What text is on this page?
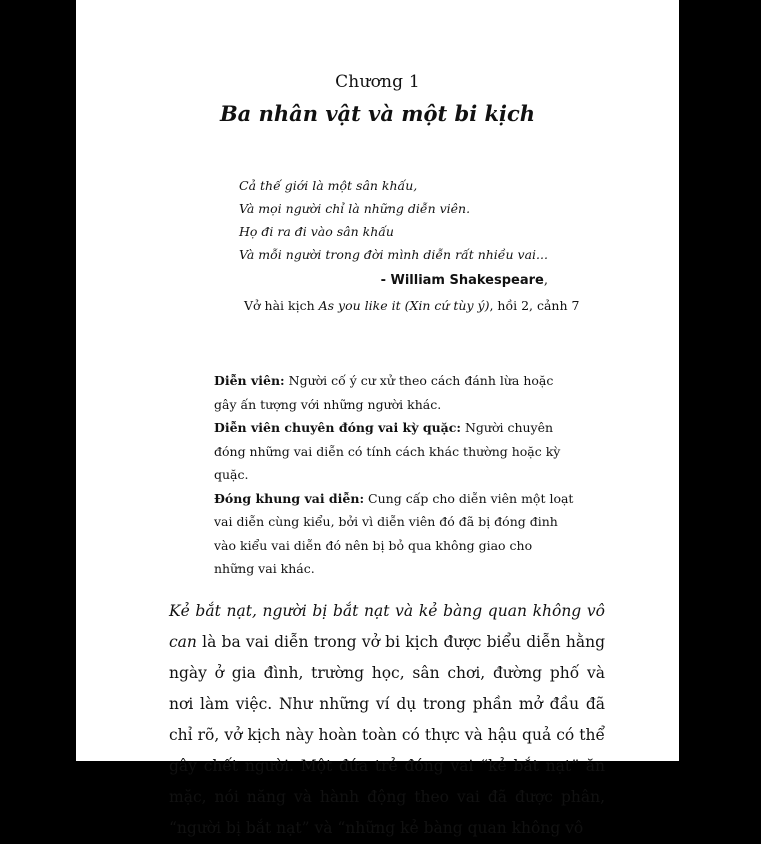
Chương 1
Ba nhân vật và một bi kịch
Cả thế giới là một sân khấu,
Và mọi người chỉ là những diễn viên.
Họ đi ra đi vào sân khấu
Và mỗi người trong đời mình diễn rất nhiều vai...
- William Shakespeare,
Vở hài kịch As you like it (Xin cứ tùy ý), hồi 2, cảnh 7
Diễn viên: Người cố ý cư xử theo cách đánh lừa hoặc gây ấn tượng với những người khác.
Diễn viên chuyên đóng vai kỳ quặc: Người chuyên đóng những vai diễn có tính cách khác thường hoặc kỳ quặc.
Đóng khung vai diễn: Cung cấp cho diễn viên một loạt vai diễn cùng kiểu, bởi vì diễn viên đó đã bị đóng đinh vào kiểu vai diễn đó nên bị bỏ qua không giao cho những vai khác.
Kẻ bắt nạt, người bị bắt nạt và kẻ bàng quan không vô can là ba vai diễn trong vở bi kịch được biểu diễn hằng ngày ở gia đình, trường học, sân chơi, đường phố và nơi làm việc. Như những ví dụ trong phần mở đầu đã chỉ rõ, vở kịch này hoàn toàn có thực và hậu quả có thể gây chết người. Một đứa trẻ đóng vai “kẻ bắt nạt” ăn mặc, nói năng và hành động theo vai đã được phân, “người bị bắt nạt” và “những kẻ bàng quan không vô
